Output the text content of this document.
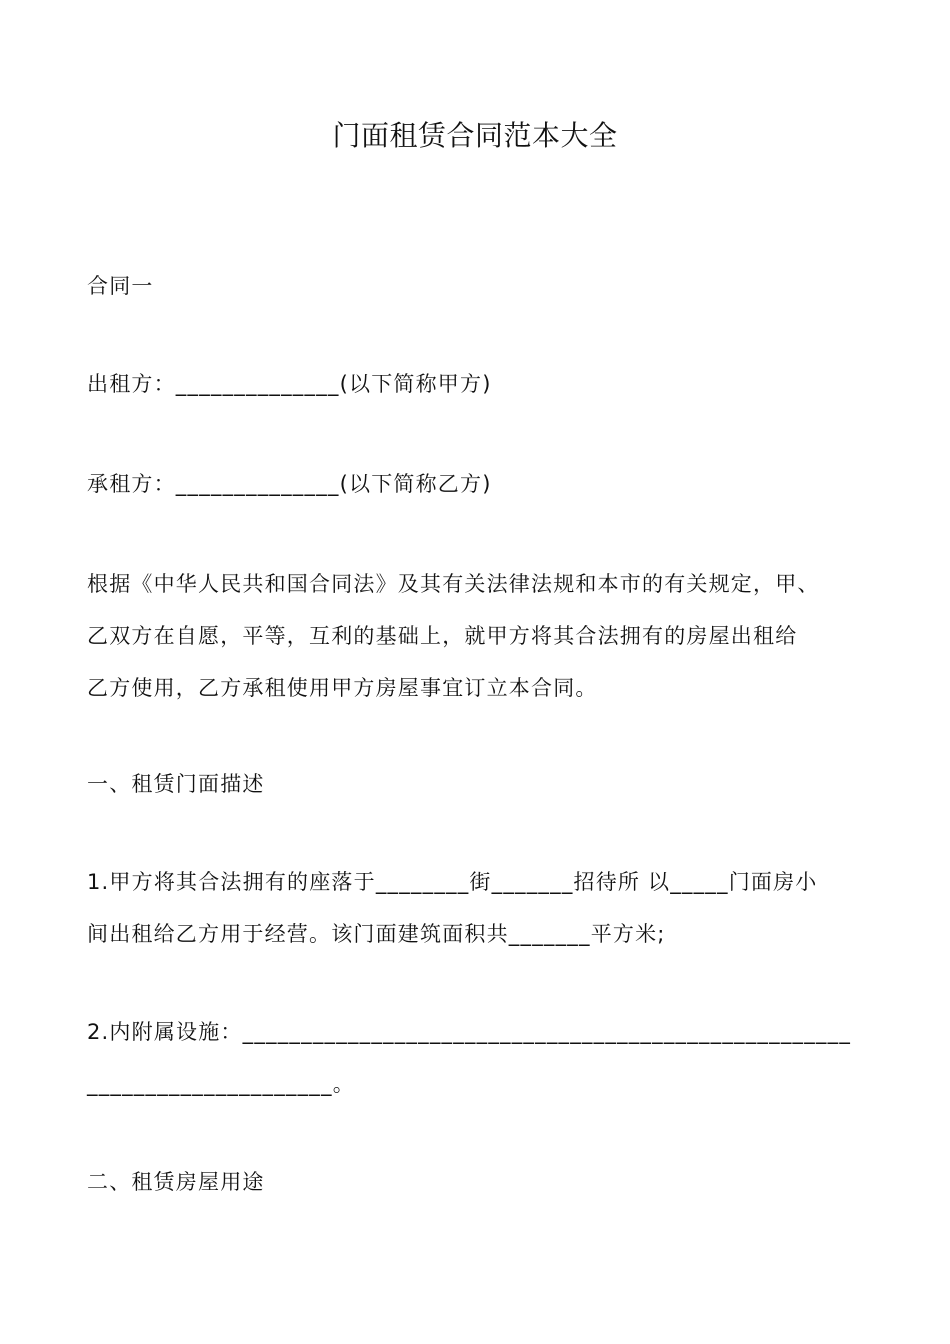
门面租赁合同范本大全
合同一
出租方：______________(以下简称甲方)
承租方：______________(以下简称乙方)
根据《中华人民共和国合同法》及其有关法律法规和本市的有关规定，甲、
乙双方在自愿，平等，互利的基础上，就甲方将其合法拥有的房屋出租给
乙方使用，乙方承租使用甲方房屋事宜订立本合同。
一、租赁门面描述
1.甲方将其合法拥有的座落于________街_______招待所 以_____门面房小
间出租给乙方用于经营。该门面建筑面积共_______平方米;
2.内附属设施：____________________________________________________
_____________________。
二、租赁房屋用途
